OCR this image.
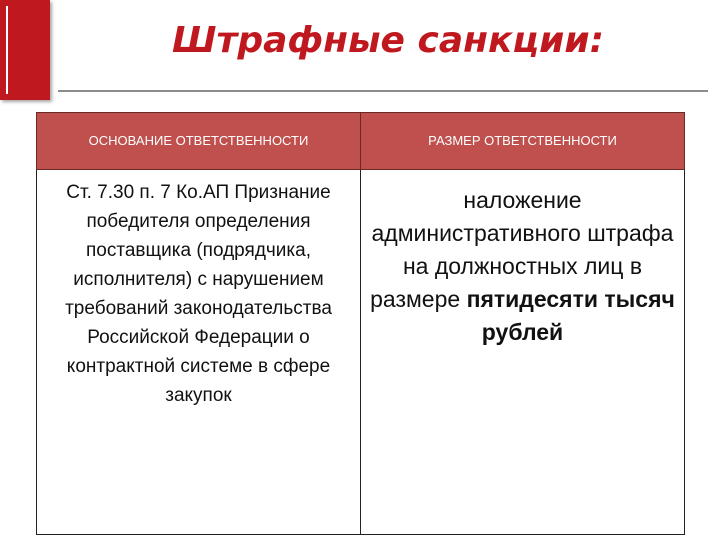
Штрафные санкции:
ОСНОВАНИЕ ОТВЕТСТВЕННОСТИ	РАЗМЕР ОТВЕТСТВЕННОСТИ

Ст. 7.30 п. 7 Ко.АП Признание победителя определения поставщика (подрядчика, исполнителя) с нарушением требований законодательства Российской Федерации о контрактной системе в сфере закупок	наложение административного штрафа на должностных лиц в размере пятидесяти тысяч рублей
